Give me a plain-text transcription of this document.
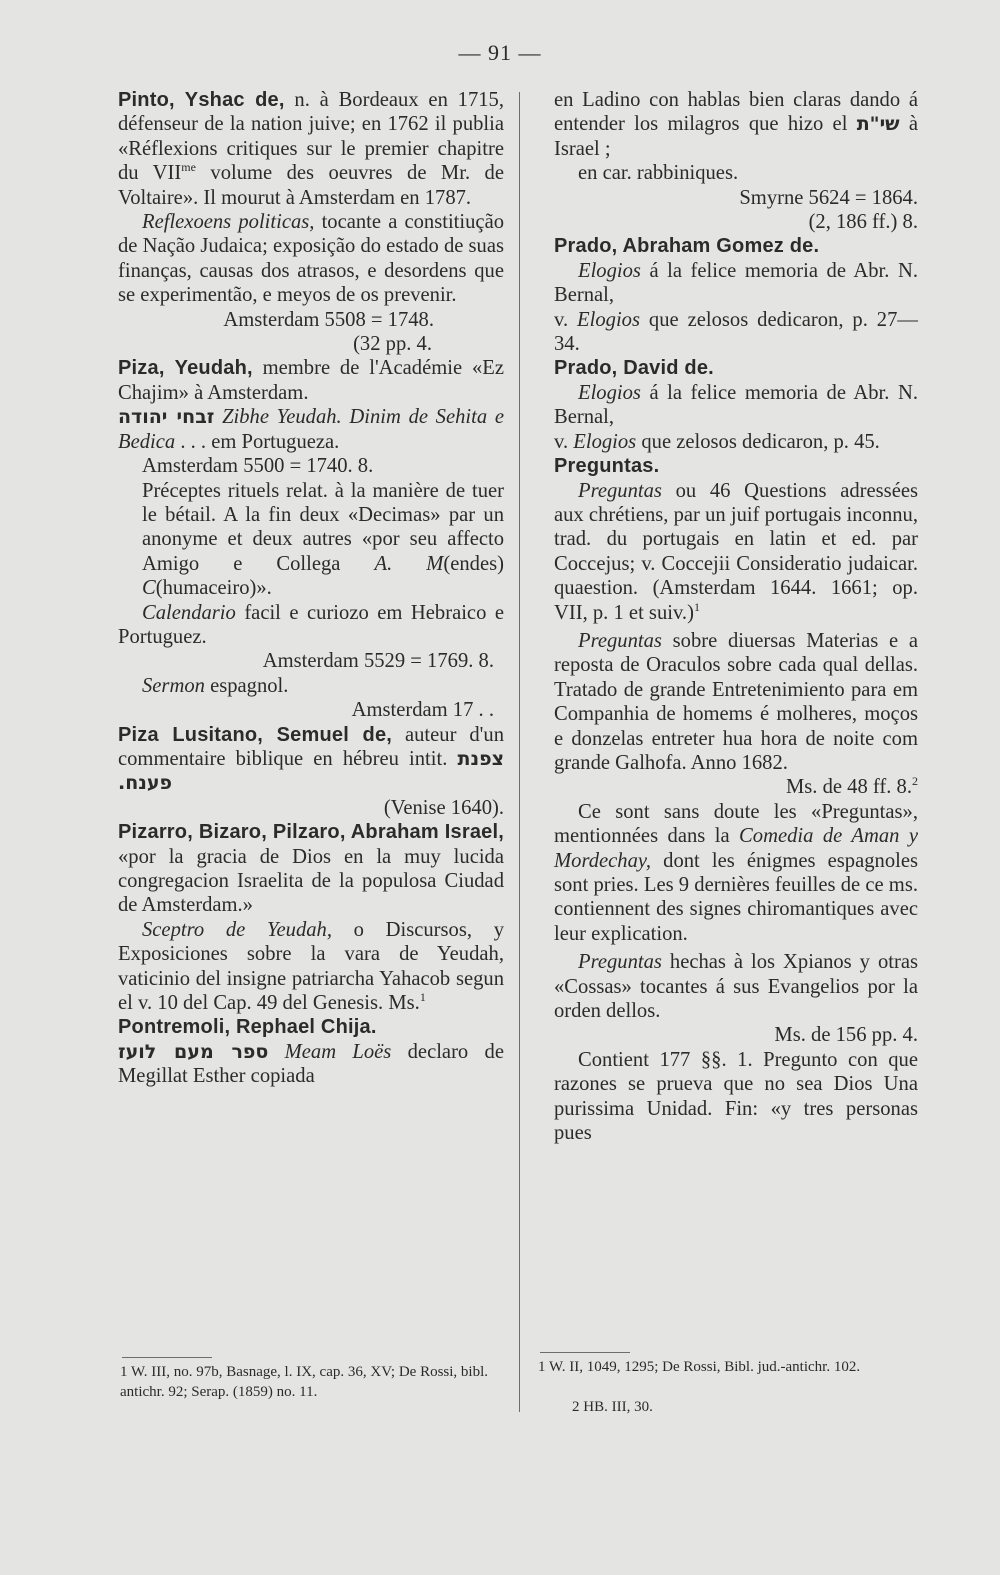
— 91 —

Pinto, Yshac de, n. à Bordeaux en 1715, défenseur de la nation juive; en 1762 il publia «Réflexions critiques sur le premier chapitre du $VII^{me}$ volume des oeuvres de Mr. de Voltaire». Il mourut à Amsterdam en 1787.

Reflexoens politicas, tocante a constitiução de Nação Judaica; exposição do estado de suas finanças, causas dos atrasos, e desordens que se experimentão, e meyos de os prevenir.

Amsterdam 5508 = 1748.

(32 pp. 4.

Piza, Yeudah, membre de l'Académie «Ez Chajim» à Amsterdam.

זבחי יהודה Zibhe Yeudah. Dinim de Sehita e Bedica . . . em Portugueza.

Amsterdam 5500 = 1740. 8.

Préceptes rituels relat. à la manière de tuer le bétail. A la fin deux «Decimas» par un anonyme et deux autres «por seu affecto Amigo e Collega A. M(endes) C(humaceiro)».

Calendario facil e curiozo em Hebraico e Portuguez.

Amsterdam 5529 = 1769. 8.

Sermon espagnol.

Amsterdam 17 . .

Piza Lusitano, Semuel de, auteur d'un commentaire biblique en hébreu intit. צפנת פענח.

(Venise 1640).

Pizarro, Bizaro, Pilzaro, Abraham Israel, «por la gracia de Dios en la muy lucida congregacion Israelita de la populosa Ciudad de Amsterdam.»

Sceptro de Yeudah, o Discursos, y Exposiciones sobre la vara de Yeudah, vaticinio del insigne patriarcha Yahacob segun el v. 10 del Cap. 49 del Genesis. Ms.$^1$

Pontremoli, Rephael Chija.

ספר מעם לועז Meam Loës declaro de Megillat Esther copiada

1 W. III, no. 97b, Basnage, l. IX, cap. 36, XV; De Rossi, bibl. antichr. 92; Serap. (1859) no. 11.

en Ladino con hablas bien claras dando á entender los milagros que hizo el שי"ת à Israel ;

en car. rabbiniques.

Smyrne 5624 = 1864.

(2, 186 ff.) 8.

Prado, Abraham Gomez de.

Elogios á la felice memoria de Abr. N. Bernal,

v. Elogios que zelosos dedicaron, p. 27—34.

Prado, David de.

Elogios á la felice memoria de Abr. N. Bernal,

v. Elogios que zelosos dedicaron, p. 45.

Preguntas.

Preguntas ou 46 Questions adressées aux chrétiens, par un juif portugais inconnu, trad. du portugais en latin et ed. par Coccejus; v. Coccejii Consideratio judaicar. quaestion. (Amsterdam 1644. 1661; op. VII, p. 1 et suiv.)$^1$

Preguntas sobre diuersas Materias e a reposta de Oraculos sobre cada qual dellas. Tratado de grande Entretenimiento para em Companhia de homems é molheres, moços e donzelas entreter hua hora de noite com grande Galhofa. Anno 1682.

Ms. de 48 ff. 8.$^2$

Ce sont sans doute les «Preguntas», mentionnées dans la Comedia de Aman y Mordechay, dont les énigmes espagnoles sont pries. Les 9 dernières feuilles de ce ms. contiennent des signes chiromantiques avec leur explication.

Preguntas hechas à los Xpianos y otras «Cossas» tocantes á sus Evangelios por la orden dellos.

Ms. de 156 pp. 4.

Contient 177 §§. 1. Pregunto con que razones se prueva que no sea Dios Una purissima Unidad. Fin: «y tres personas pues

1 W. II, 1049, 1295; De Rossi, Bibl. jud.-antichr. 102.
2 HB. III, 30.
